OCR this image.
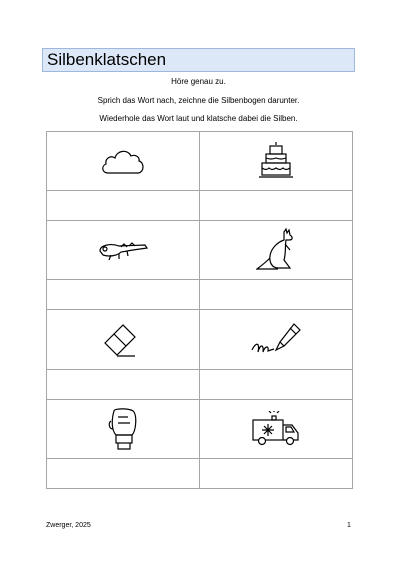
Silbenklatschen
Höre genau zu.
Sprich das Wort nach, zeichne die Silbenbogen darunter.
Wiederhole das Wort laut und klatsche dabei die Silben.

Zwerger, 2025	1
